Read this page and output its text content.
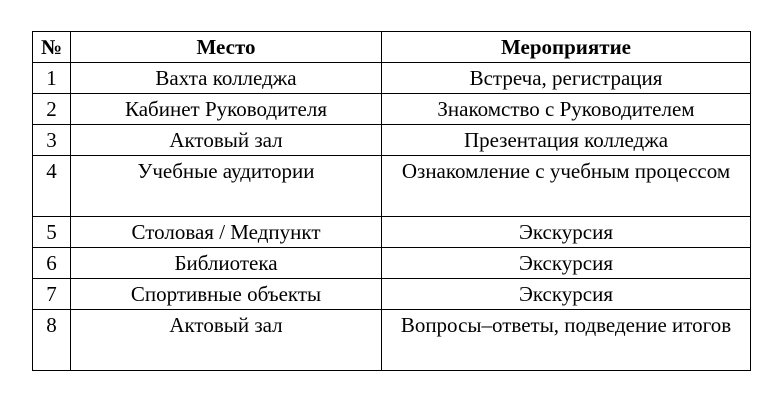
№	Место	Мероприятие
1	Вахта колледжа	Встреча, регистрация
2	Кабинет Руководителя	Знакомство с Руководителем
3	Актовый зал	Презентация колледжа
4	Учебные аудитории	Ознакомление с учебным процессом
5	Столовая / Медпункт	Экскурсия
6	Библиотека	Экскурсия
7	Спортивные объекты	Экскурсия
8	Актовый зал	Вопросы–ответы, подведение итогов
